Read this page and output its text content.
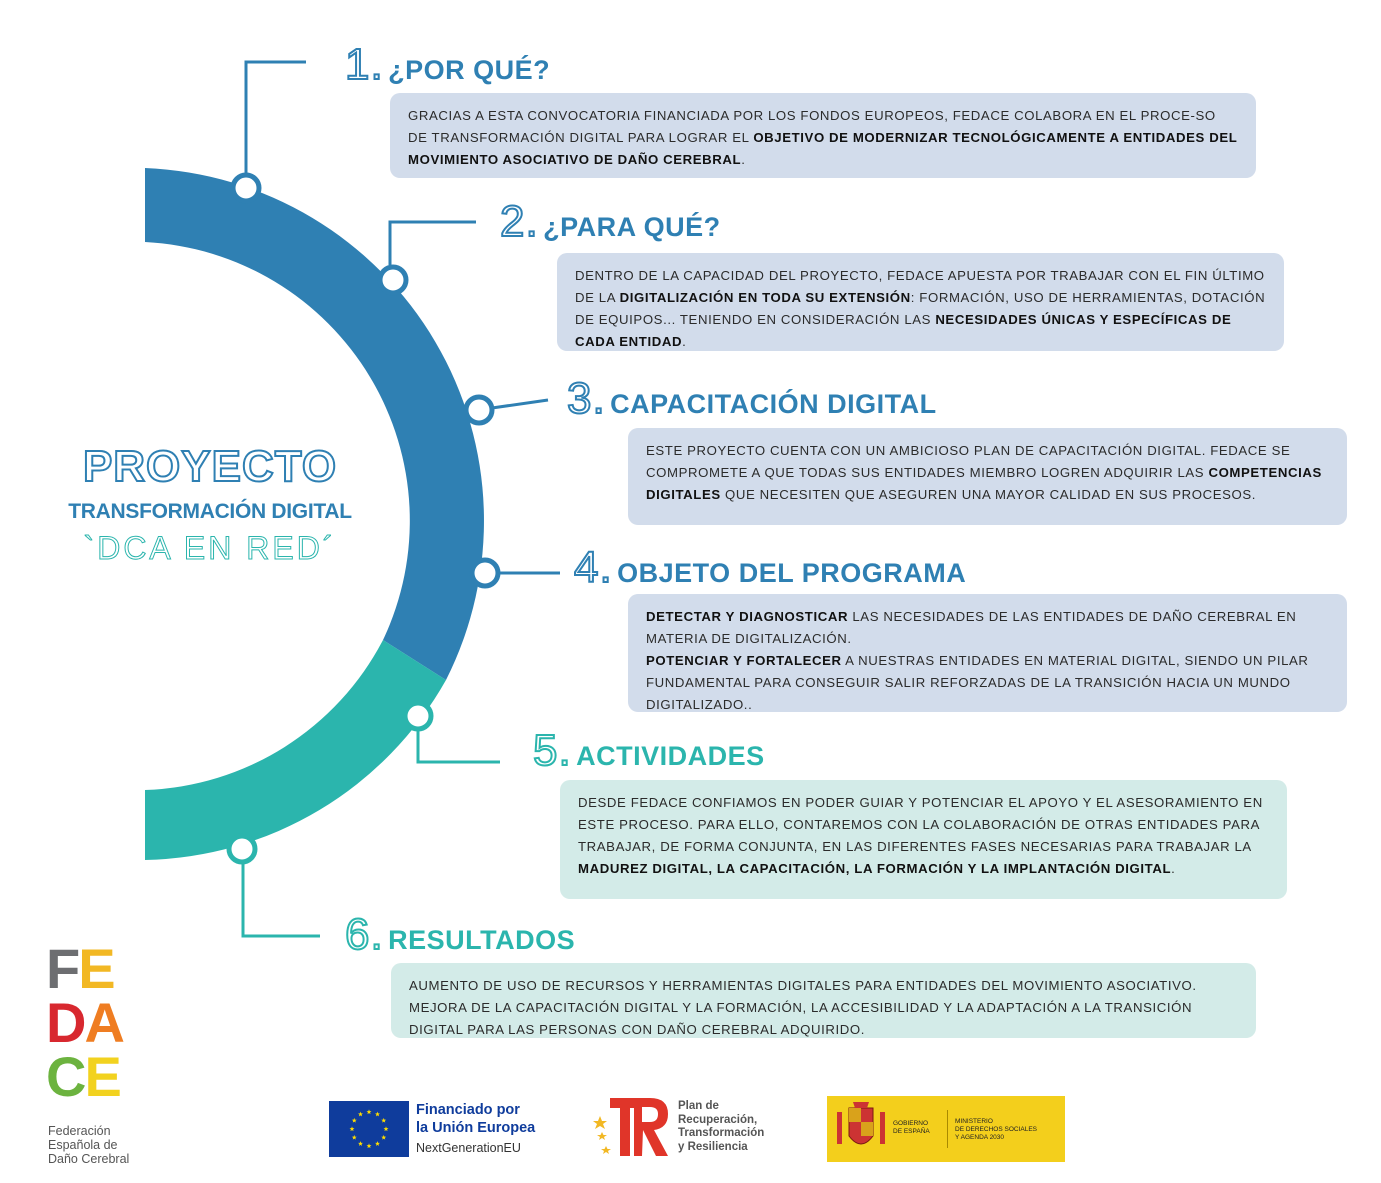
PROYECTO
TRANSFORMACIÓN DIGITAL
`DCA EN RED´
1. ¿POR QUÉ?
2. ¿PARA QUÉ?
3. CAPACITACIÓN DIGITAL
4. OBJETO DEL PROGRAMA
5. ACTIVIDADES
6. RESULTADOS
GRACIAS A ESTA CONVOCATORIA FINANCIADA POR LOS FONDOS EUROPEOS, FEDACE COLABORA EN EL PROCE-SO DE TRANSFORMACIÓN DIGITAL PARA LOGRAR EL OBJETIVO DE MODERNIZAR TECNOLÓGICAMENTE A ENTIDADES DEL MOVIMIENTO ASOCIATIVO DE DAÑO CEREBRAL.
DENTRO DE LA CAPACIDAD DEL PROYECTO, FEDACE APUESTA POR TRABAJAR CON EL FIN ÚLTIMO DE LA DIGITALIZACIÓN EN TODA SU EXTENSIÓN: FORMACIÓN, USO DE HERRAMIENTAS, DOTACIÓN DE EQUIPOS... TENIENDO EN CONSIDERACIÓN LAS NECESIDADES ÚNICAS Y ESPECÍFICAS DE CADA ENTIDAD.
ESTE PROYECTO CUENTA CON UN AMBICIOSO PLAN DE CAPACITACIÓN DIGITAL. FEDACE SE COMPROMETE A QUE TODAS SUS ENTIDADES MIEMBRO LOGREN ADQUIRIR LAS COMPETENCIAS DIGITALES QUE NECESITEN QUE ASEGUREN UNA MAYOR CALIDAD EN SUS PROCESOS.
DETECTAR Y DIAGNOSTICAR LAS NECESIDADES DE LAS ENTIDADES DE DAÑO CEREBRAL EN MATERIA DE DIGITALIZACIÓN.
POTENCIAR Y FORTALECER A NUESTRAS ENTIDADES EN MATERIAL DIGITAL, SIENDO UN PILAR FUNDAMENTAL PARA CONSEGUIR SALIR REFORZADAS DE LA TRANSICIÓN HACIA UN MUNDO DIGITALIZADO..
DESDE FEDACE CONFIAMOS EN PODER GUIAR Y POTENCIAR EL APOYO Y EL ASESORAMIENTO EN ESTE PROCESO. PARA ELLO, CONTAREMOS CON LA COLABORACIÓN DE OTRAS ENTIDADES PARA TRABAJAR, DE FORMA CONJUNTA, EN LAS DIFERENTES FASES NECESARIAS PARA TRABAJAR LA MADUREZ DIGITAL, LA CAPACITACIÓN, LA FORMACIÓN Y LA IMPLANTACIÓN DIGITAL.
AUMENTO DE USO DE RECURSOS Y HERRAMIENTAS DIGITALES PARA ENTIDADES DEL MOVIMIENTO ASOCIATIVO.
MEJORA DE LA CAPACITACIÓN DIGITAL Y LA FORMACIÓN, LA ACCESIBILIDAD Y LA ADAPTACIÓN A LA TRANSICIÓN DIGITAL PARA LAS PERSONAS CON DAÑO CEREBRAL ADQUIRIDO.
FE
DA
CE
Federación
Española de
Daño Cerebral
Financiado por
la Unión Europea
NextGenerationEU
Plan de
Recuperación,
Transformación
y Resiliencia
GOBIERNO
DE ESPAÑA
MINISTERIO
DE DERECHOS SOCIALES
Y AGENDA 2030
